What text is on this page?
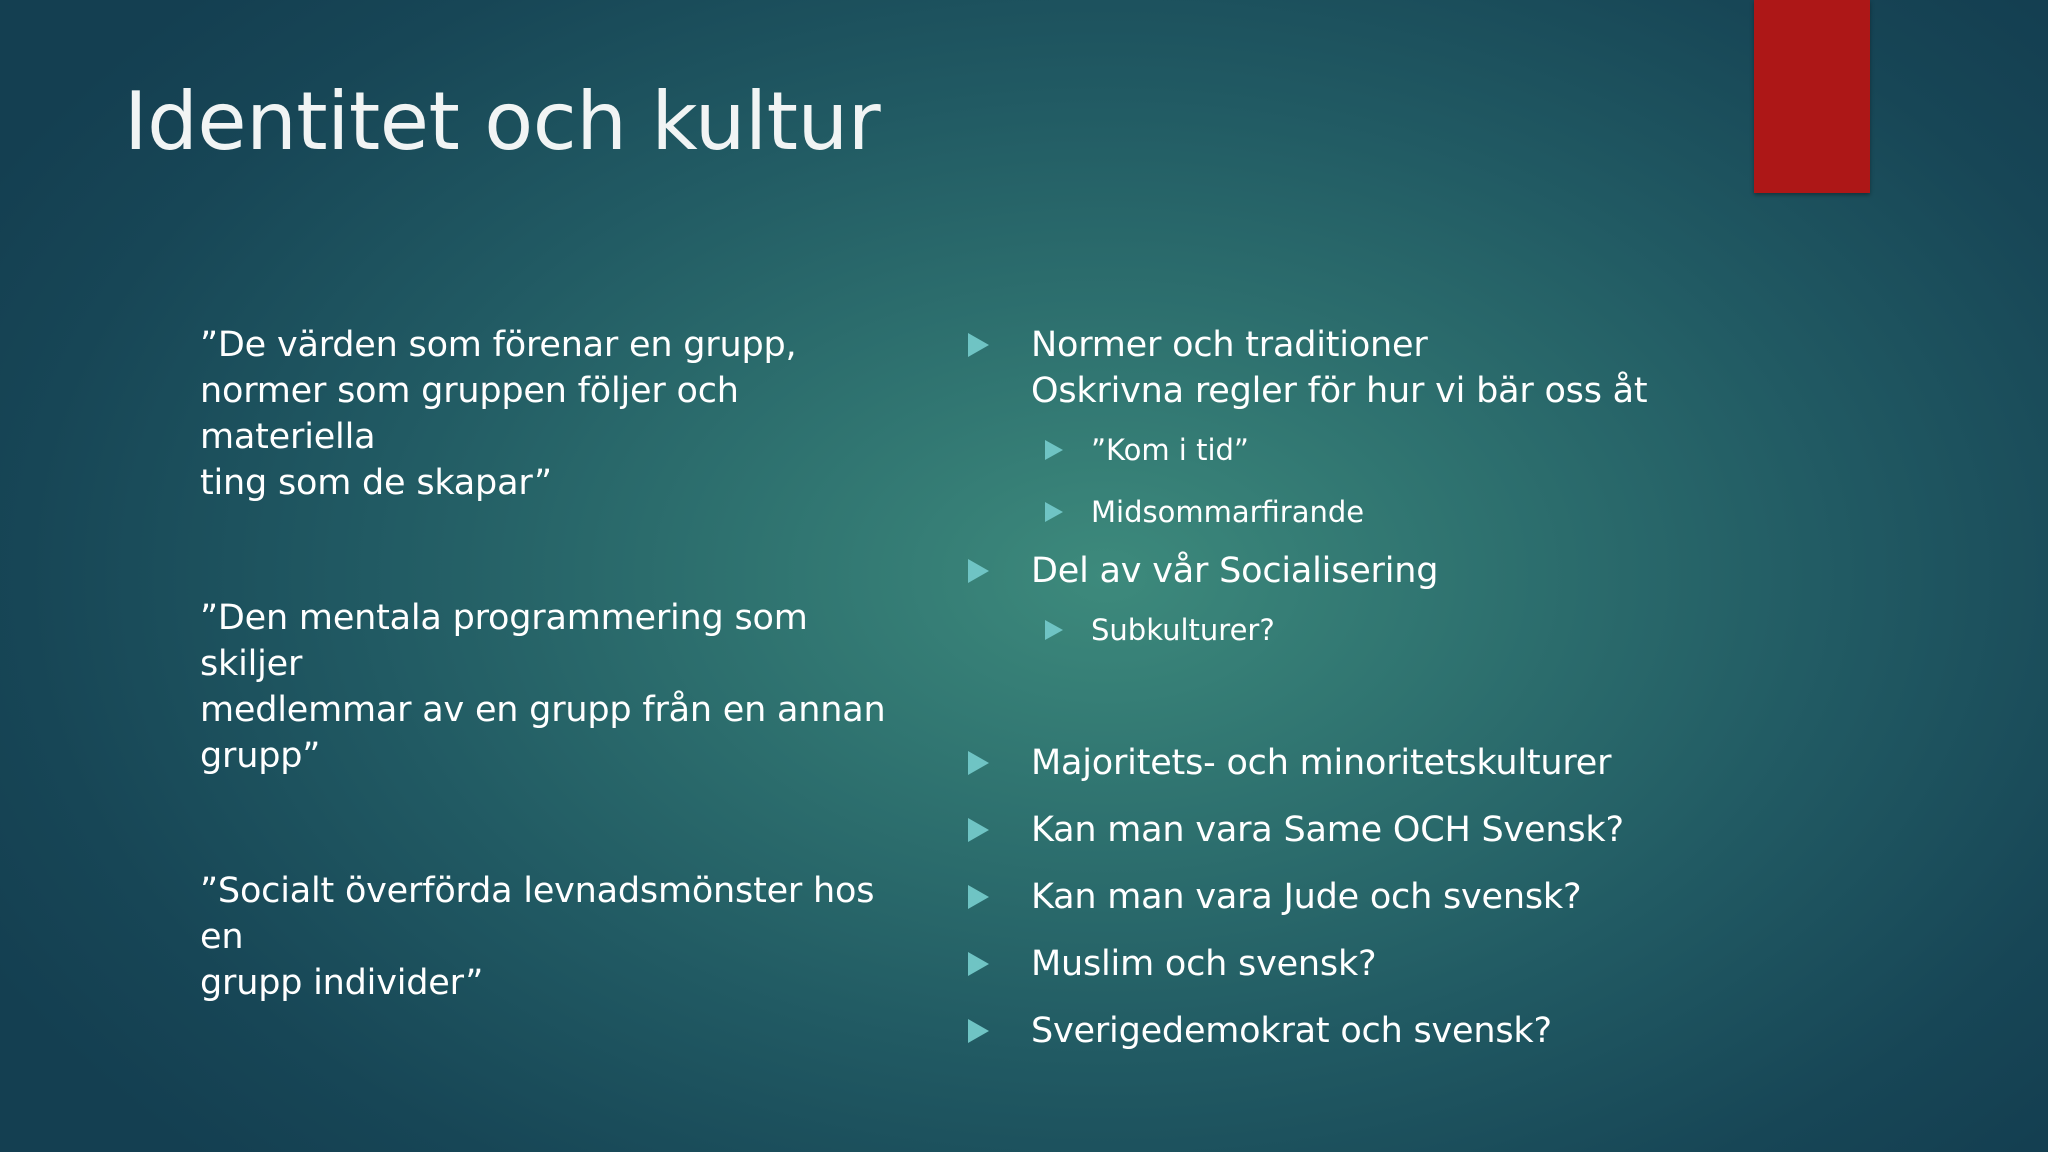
Identitet och kultur

”De värden som förenar en grupp,
normer som gruppen följer och materiella
ting som de skapar”

”Den mentala programmering som skiljer
medlemmar av en grupp från en annan
grupp”

”Socialt överförda levnadsmönster hos en
grupp individer”

Normer och traditioner
Oskrivna regler för hur vi bär oss åt
”Kom i tid”
Midsommarfirande
Del av vår Socialisering
Subkulturer?
Majoritets- och minoritetskulturer
Kan man vara Same OCH Svensk?
Kan man vara Jude och svensk?
Muslim och svensk?
Sverigedemokrat och svensk?
